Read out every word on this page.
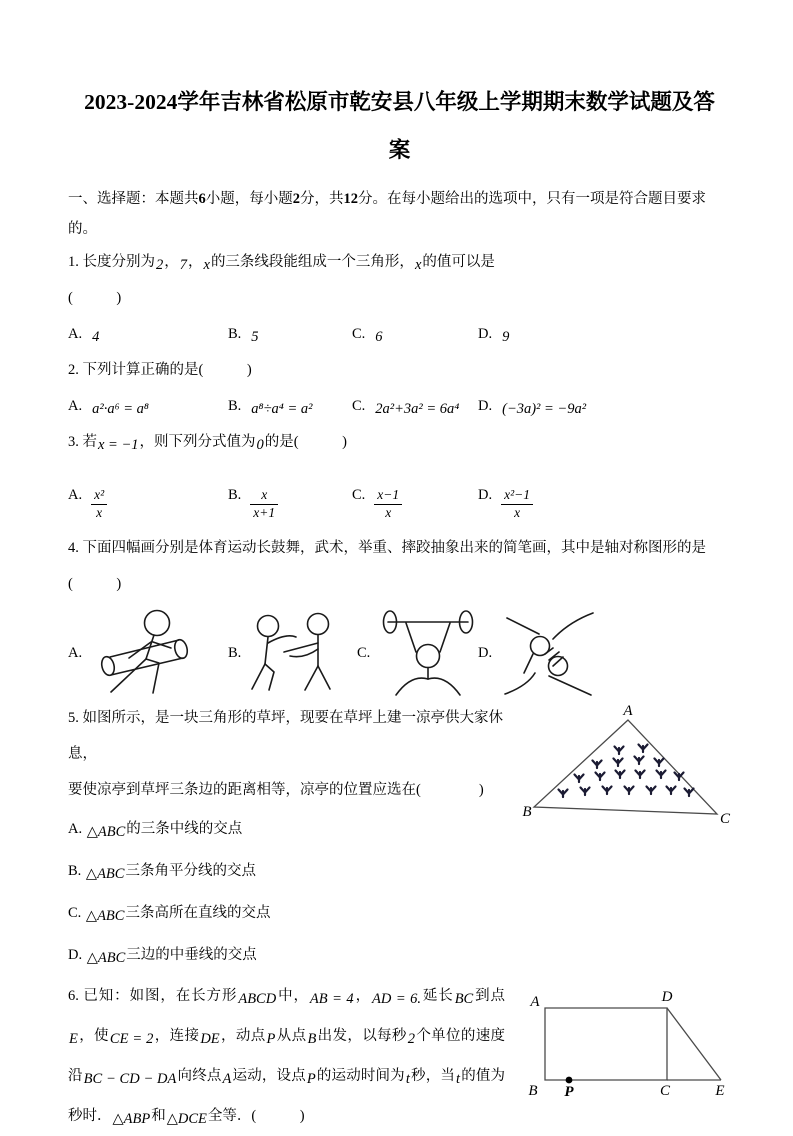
2023-2024学年吉林省松原市乾安县八年级上学期期末数学试题及答
案
一、选择题：本题共6小题，每小题2分，共12分。在每小题给出的选项中，只有一项是符合题目要求的。
1. 长度分别为2，7，x的三条线段能组成一个三角形，x的值可以是
(　　　)
A. 4	B. 5	C. 6	D. 9
2. 下列计算正确的是(　　　)
A. a²·a⁶ = a⁸	B. a⁸÷a⁴ = a²	C. 2a²+3a² = 6a⁴ D. (−3a)² = −9a²
3. 若x = −1，则下列分式值为0的是(　　　)
A. $\frac{\text{x²}}{x}$	B. $\frac{x}{x+1}$	C. $\frac{x-1}{x}$	D. $\frac{\text{x²−1}}{x}$
4. 下面四幅画分别是体育运动长鼓舞，武术，举重、摔跤抽象出来的简笔画，其中是轴对称图形的是
(　　　)
A.	B.	C.	D.
5. 如图所示，是一块三角形的草坪，现要在草坪上建一凉亭供大家休息，
要使凉亭到草坪三条边的距离相等，凉亭的位置应选在(　　　　)
A. △ABC的三条中线的交点
B. △ABC三条角平分线的交点
C. △ABC三条高所在直线的交点
D. △ABC三边的中垂线的交点
A
B	C
6. 已知：如图，在长方形ABCD中，AB = 4，AD = 6.延长BC到点E，使CE = 2，连接DE，动点P从点B出发，以每秒2个单位的速度沿BC − CD − DA向终点A运动，设点P的运动时间为t秒，当t的值为秒时．△ABP和△DCE全等．(　　　)
A	D
B	C	E
P
